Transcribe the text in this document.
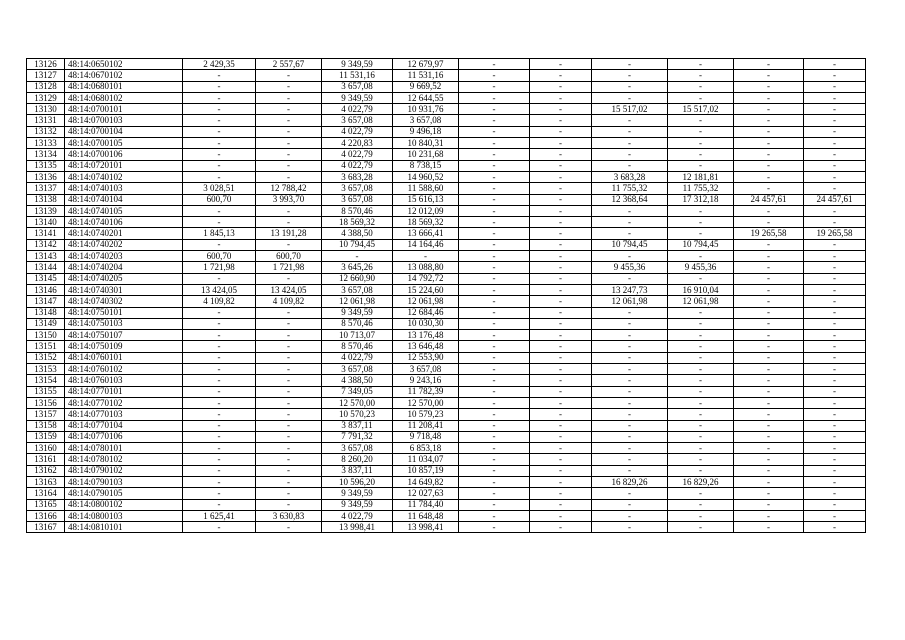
13126	48:14:0650102	2 429,35	2 557,67	9 349,59	12 679,97	-	-	-	-	-	-
13127	48:14:0670102	-	-	11 531,16	11 531,16	-	-	-	-	-	-
13128	48:14:0680101	-	-	3 657,08	9 669,52	-	-	-	-	-	-
13129	48:14:0680102	-	-	9 349,59	12 644,55	-	-	-	-	-	-
13130	48:14:0700101	-	-	4 022,79	10 931,76	-	-	15 517,02	15 517,02	-	-
13131	48:14:0700103	-	-	3 657,08	3 657,08	-	-	-	-	-	-
13132	48:14:0700104	-	-	4 022,79	9 496,18	-	-	-	-	-	-
13133	48:14:0700105	-	-	4 220,83	10 840,31	-	-	-	-	-	-
13134	48:14:0700106	-	-	4 022,79	10 231,68	-	-	-	-	-	-
13135	48:14:0720101	-	-	4 022,79	8 738,15	-	-	-	-	-	-
13136	48:14:0740102	-	-	3 683,28	14 960,52	-	-	3 683,28	12 181,81	-	-
13137	48:14:0740103	3 028,51	12 788,42	3 657,08	11 588,60	-	-	11 755,32	11 755,32	-	-
13138	48:14:0740104	600,70	3 993,70	3 657,08	15 616,13	-	-	12 368,64	17 312,18	24 457,61	24 457,61
13139	48:14:0740105	-	-	8 570,46	12 012,09	-	-	-	-	-	-
13140	48:14:0740106	-	-	18 569,32	18 569,32	-	-	-	-	-	-
13141	48:14:0740201	1 845,13	13 191,28	4 388,50	13 666,41	-	-	-	-	19 265,58	19 265,58
13142	48:14:0740202	-	-	10 794,45	14 164,46	-	-	10 794,45	10 794,45	-	-
13143	48:14:0740203	600,70	600,70	-	-	-	-	-	-	-	-
13144	48:14:0740204	1 721,98	1 721,98	3 645,26	13 088,80	-	-	9 455,36	9 455,36	-	-
13145	48:14:0740205	-	-	12 660,90	14 792,72	-	-	-	-	-	-
13146	48:14:0740301	13 424,05	13 424,05	3 657,08	15 224,60	-	-	13 247,73	16 910,04	-	-
13147	48:14:0740302	4 109,82	4 109,82	12 061,98	12 061,98	-	-	12 061,98	12 061,98	-	-
13148	48:14:0750101	-	-	9 349,59	12 684,46	-	-	-	-	-	-
13149	48:14:0750103	-	-	8 570,46	10 030,30	-	-	-	-	-	-
13150	48:14:0750107	-	-	10 713,07	13 176,48	-	-	-	-	-	-
13151	48:14:0750109	-	-	8 570,46	13 646,48	-	-	-	-	-	-
13152	48:14:0760101	-	-	4 022,79	12 553,90	-	-	-	-	-	-
13153	48:14:0760102	-	-	3 657,08	3 657,08	-	-	-	-	-	-
13154	48:14:0760103	-	-	4 388,50	9 243,16	-	-	-	-	-	-
13155	48:14:0770101	-	-	7 349,05	11 782,39	-	-	-	-	-	-
13156	48:14:0770102	-	-	12 570,00	12 570,00	-	-	-	-	-	-
13157	48:14:0770103	-	-	10 570,23	10 579,23	-	-	-	-	-	-
13158	48:14:0770104	-	-	3 837,11	11 208,41	-	-	-	-	-	-
13159	48:14:0770106	-	-	7 791,32	9 718,48	-	-	-	-	-	-
13160	48:14:0780101	-	-	3 657,08	6 853,18	-	-	-	-	-	-
13161	48:14:0780102	-	-	8 260,20	11 034,07	-	-	-	-	-	-
13162	48:14:0790102	-	-	3 837,11	10 857,19	-	-	-	-	-	-
13163	48:14:0790103	-	-	10 596,20	14 649,82	-	-	16 829,26	16 829,26	-	-
13164	48:14:0790105	-	-	9 349,59	12 027,63	-	-	-	-	-	-
13165	48:14:0800102	-	-	9 349,59	11 784,40	-	-	-	-	-	-
13166	48:14:0800103	1 625,41	3 630,83	4 022,79	11 648,48	-	-	-	-	-	-
13167	48:14:0810101	-	-	13 998,41	13 998,41	-	-	-	-	-	-
